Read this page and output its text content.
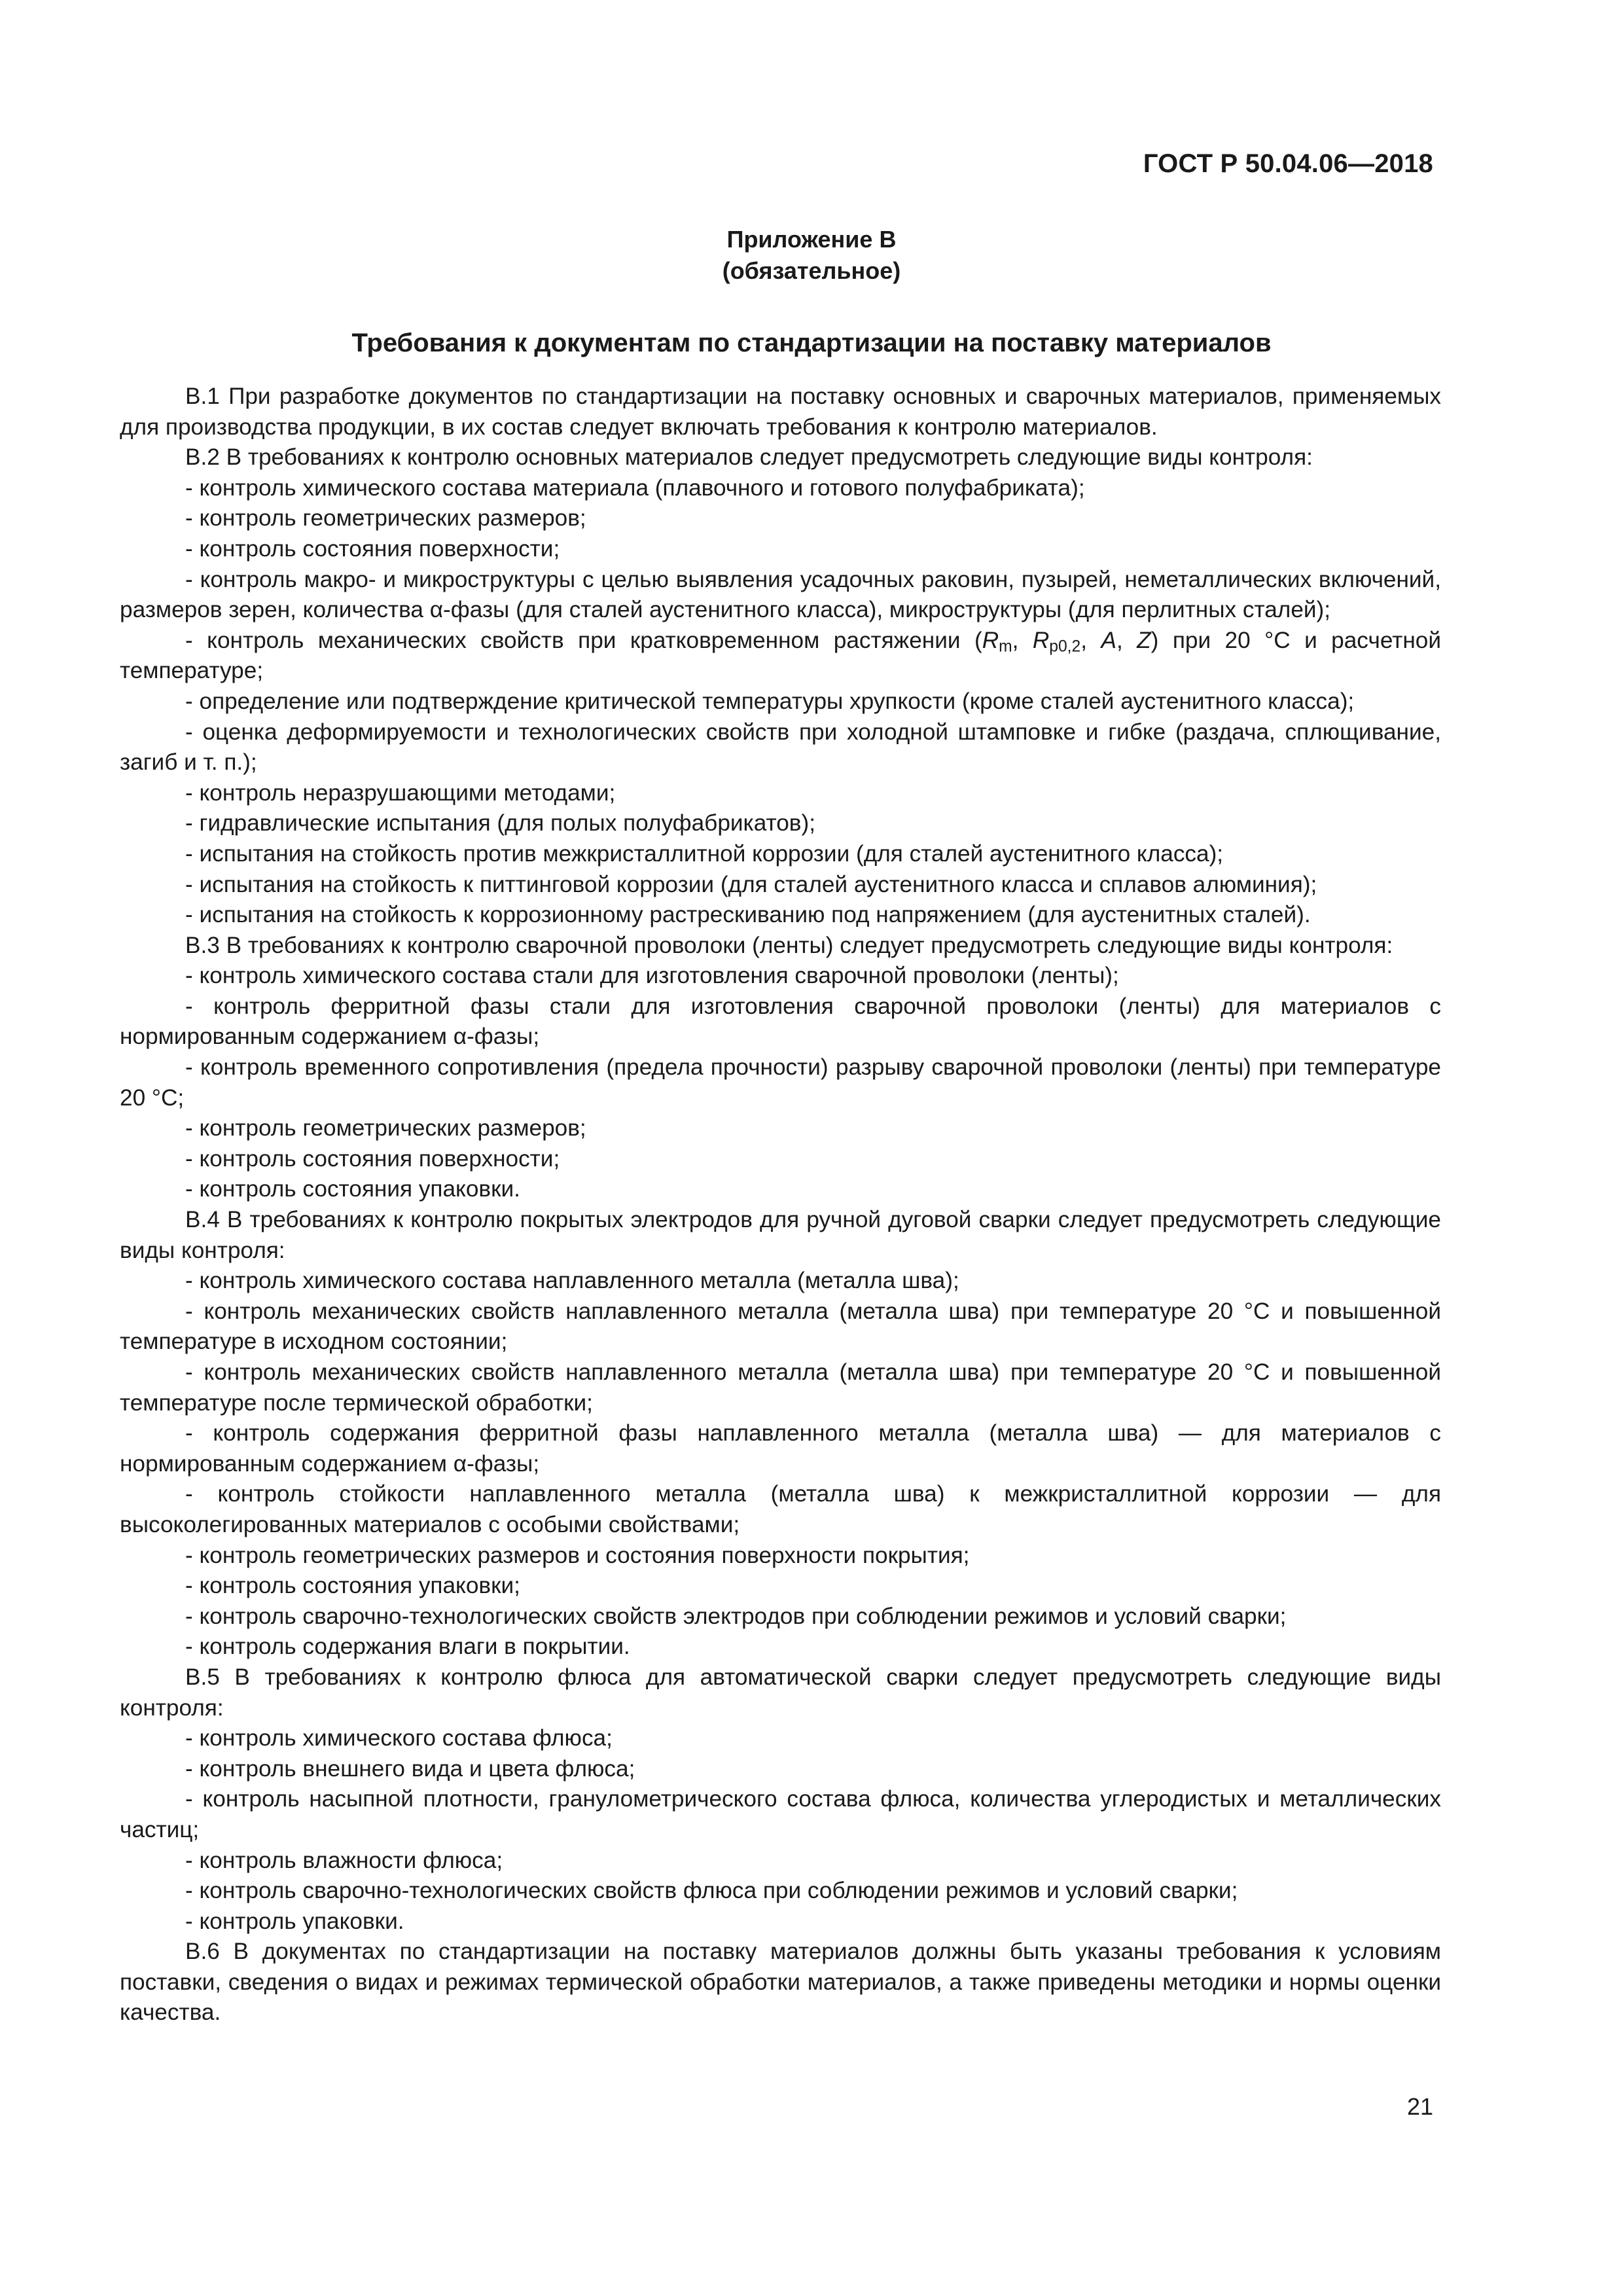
ГОСТ Р 50.04.06—2018
Приложение В
(обязательное)
Требования к документам по стандартизации на поставку материалов

В.1 При разработке документов по стандартизации на поставку основных и сварочных материалов, применяемых для производства продукции, в их состав следует включать требования к контролю материалов.

В.2 В требованиях к контролю основных материалов следует предусмотреть следующие виды контроля:

- контроль химического состава материала (плавочного и готового полуфабриката);

- контроль геометрических размеров;

- контроль состояния поверхности;

- контроль макро- и микроструктуры с целью выявления усадочных раковин, пузырей, неметаллических включений, размеров зерен, количества α-фазы (для сталей аустенитного класса), микроструктуры (для перлитных сталей);

- контроль механических свойств при кратковременном растяжении ($R_m$, $R_{p0,2}$, A, Z) при 20 °С и расчетной температуре;

- определение или подтверждение критической температуры хрупкости (кроме сталей аустенитного класса);

- оценка деформируемости и технологических свойств при холодной штамповке и гибке (раздача, сплющивание, загиб и т. п.);

- контроль неразрушающими методами;

- гидравлические испытания (для полых полуфабрикатов);

- испытания на стойкость против межкристаллитной коррозии (для сталей аустенитного класса);

- испытания на стойкость к питтинговой коррозии (для сталей аустенитного класса и сплавов алюминия);

- испытания на стойкость к коррозионному растрескиванию под напряжением (для аустенитных сталей).

В.3 В требованиях к контролю сварочной проволоки (ленты) следует предусмотреть следующие виды контроля:

- контроль химического состава стали для изготовления сварочной проволоки (ленты);

- контроль ферритной фазы стали для изготовления сварочной проволоки (ленты) для материалов с нормированным содержанием α-фазы;

- контроль временного сопротивления (предела прочности) разрыву сварочной проволоки (ленты) при температуре 20 °С;

- контроль геометрических размеров;

- контроль состояния поверхности;

- контроль состояния упаковки.

В.4 В требованиях к контролю покрытых электродов для ручной дуговой сварки следует предусмотреть следующие виды контроля:

- контроль химического состава наплавленного металла (металла шва);

- контроль механических свойств наплавленного металла (металла шва) при температуре 20 °С и повышенной температуре в исходном состоянии;

- контроль механических свойств наплавленного металла (металла шва) при температуре 20 °С и повышенной температуре после термической обработки;

- контроль содержания ферритной фазы наплавленного металла (металла шва) — для материалов с нормированным содержанием α-фазы;

- контроль стойкости наплавленного металла (металла шва) к межкристаллитной коррозии — для высоколегированных материалов с особыми свойствами;

- контроль геометрических размеров и состояния поверхности покрытия;

- контроль состояния упаковки;

- контроль сварочно-технологических свойств электродов при соблюдении режимов и условий сварки;

- контроль содержания влаги в покрытии.

В.5 В требованиях к контролю флюса для автоматической сварки следует предусмотреть следующие виды контроля:

- контроль химического состава флюса;

- контроль внешнего вида и цвета флюса;

- контроль насыпной плотности, гранулометрического состава флюса, количества углеродистых и металлических частиц;

- контроль влажности флюса;

- контроль сварочно-технологических свойств флюса при соблюдении режимов и условий сварки;

- контроль упаковки.

В.6 В документах по стандартизации на поставку материалов должны быть указаны требования к условиям поставки, сведения о видах и режимах термической обработки материалов, а также приведены методики и нормы оценки качества.

21
